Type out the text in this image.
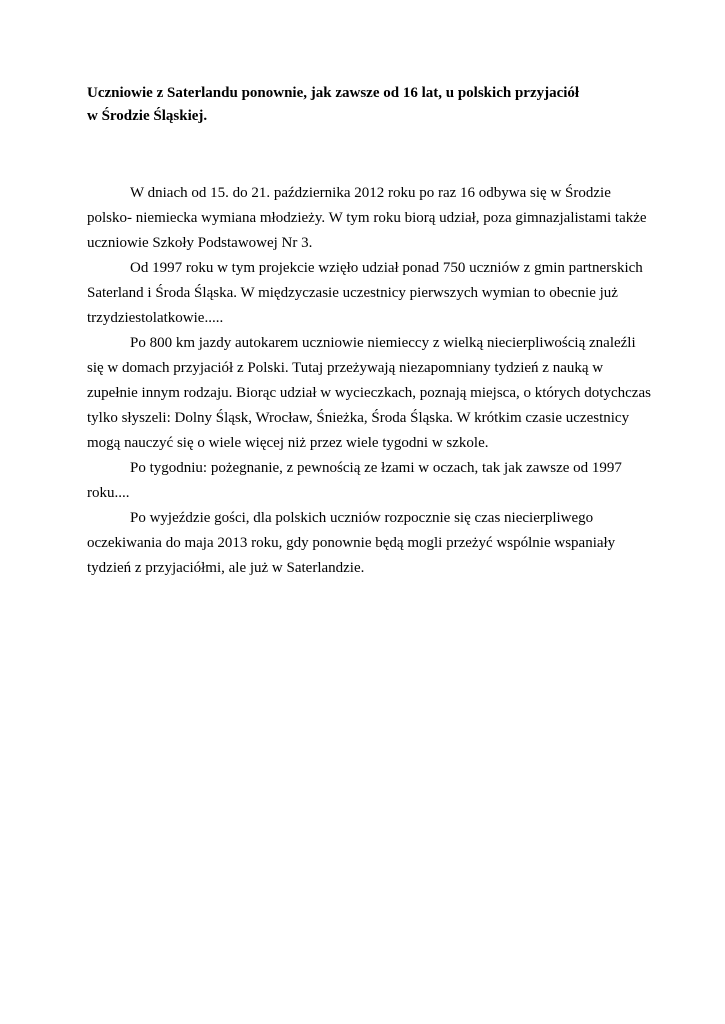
Uczniowie z Saterlandu ponownie, jak zawsze od 16 lat, u polskich przyjaciół
w Środzie Śląskiej.
W dniach od 15. do 21. października 2012 roku po raz 16 odbywa się w Środzie
polsko- niemiecka wymiana młodzieży. W tym roku biorą udział, poza gimnazjalistami także
uczniowie Szkoły Podstawowej Nr 3.
Od 1997 roku w tym projekcie wzięło udział ponad 750 uczniów z gmin partnerskich
Saterland i Środa Śląska. W międzyczasie uczestnicy pierwszych wymian to obecnie już
trzydziestolatkowie.....
Po 800 km jazdy autokarem uczniowie niemieccy z wielką niecierpliwością znaleźli
się w domach przyjaciół z Polski. Tutaj przeżywają niezapomniany tydzień z nauką w
zupełnie innym rodzaju. Biorąc udział w wycieczkach, poznają miejsca, o których dotychczas
tylko słyszeli: Dolny Śląsk, Wrocław, Śnieżka, Środa Śląska. W krótkim czasie uczestnicy
mogą nauczyć się o wiele więcej niż przez wiele tygodni w szkole.
Po tygodniu: pożegnanie, z pewnością ze łzami w oczach, tak jak zawsze od 1997
roku....
Po wyjeździe gości, dla polskich uczniów rozpocznie się czas niecierpliwego
oczekiwania do maja 2013 roku, gdy ponownie będą mogli przeżyć wspólnie wspaniały
tydzień z przyjaciółmi, ale już w Saterlandzie.
